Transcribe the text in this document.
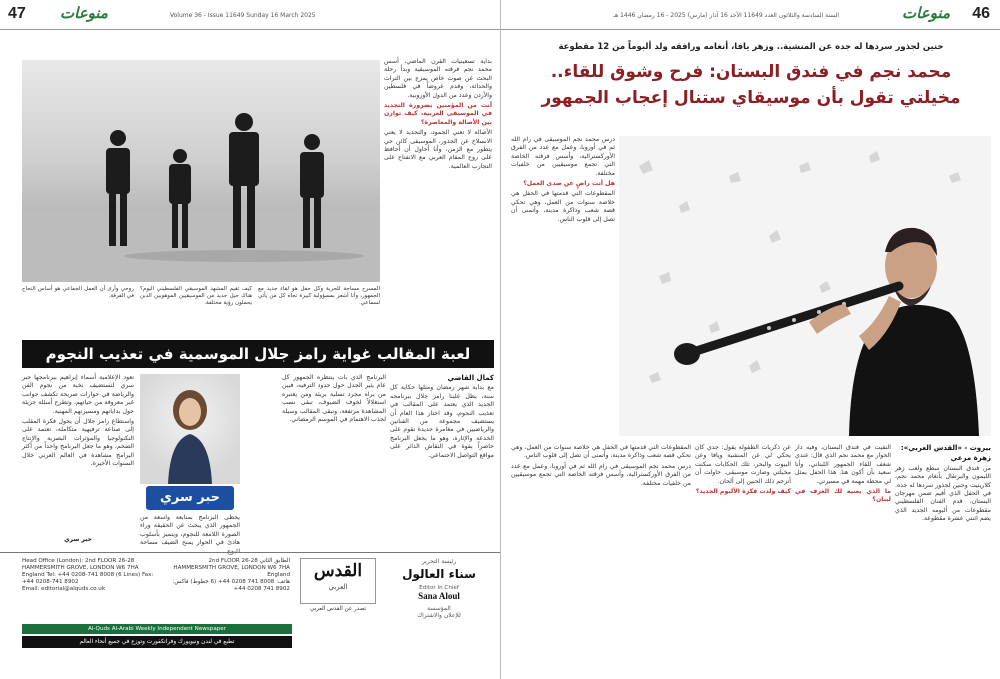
47 منوعات	Volume 36 - Issue 11649 Sunday 16 March 2025

بداية تسعينيات القرن الماضي، أسس محمد نجم فرقته الموسيقية وبدأ رحلة البحث عن صوت خاص يمزج بين التراث والحداثة، وقدم عروضاً في فلسطين والأردن وعدد من الدول الأوروبية.

أنت من المؤمنين بضرورة التجديد في الموسيقى العربية، كيف توازن بين الأصالة والمعاصرة؟

الأصالة لا تعني الجمود، والتجديد لا يعني الانسلاخ عن الجذور، الموسيقى كائن حي يتطور مع الزمن، وأنا أحاول أن أحافظ على روح المقام العربي مع الانفتاح على التجارب العالمية.

روحي وأرى أن العمل الجماعي هو أساس النجاح في الفرقة.

كيف تقيم المشهد الموسيقي الفلسطيني اليوم؟ هناك جيل جديد من الموسيقيين الموهوبين الذين يحملون رؤية مختلفة.

المسرح مساحة للحرية وكل حفل هو لقاء جديد مع الجمهور، وأنا أشعر بمسؤولية كبيرة تجاه كل من يأتي لسماعي.

لعبة المقالب غواية رامز جلال الموسمية في تعذيب النجوم

كمال القاضي

مع بداية شهر رمضان ومثلها حكاية كل سنة، يطل علينا رامز جلال ببرنامجه الجديد الذي يعتمد على المقالب في تعذيب النجوم، وقد اختار هذا العام أن يستضيف مجموعة من الفنانين والرياضيين في مغامرة جديدة تقوم على الخدعة والإثارة، وهو ما يجعل البرنامج حاضراً بقوة في النقاش الدائر على مواقع التواصل الاجتماعي.

البرنامج الذي بات ينتظره الجمهور كل عام يثير الجدل حول حدود الترفيه، فبين من يراه مجرد تسلية بريئة ومن يعتبره استغلالاً لخوف الضيوف، تبقى نسب المشاهدة مرتفعة، وتبقى المقالب وسيلة لجذب الاهتمام في الموسم الرمضاني.

حبر سري

تعود الإعلامية أسماء إبراهيم ببرنامجها حبر سري لتستضيف نخبة من نجوم الفن والرياضة في حوارات صريحة تكشف جوانب غير معروفة من حياتهم، وتطرح أسئلة جريئة حول بداياتهم ومسيرتهم المهنية.

واستطاع رامز جلال أن يحول فكرة المقلب إلى صناعة ترفيهية متكاملة، تعتمد على التكنولوجيا والمؤثرات البصرية والإنتاج الضخم، وهو ما جعل البرنامج واحداً من أكثر البرامج مشاهدة في العالم العربي خلال السنوات الأخيرة.

يحظى البرنامج بمتابعة واسعة من الجمهور الذي يبحث عن الحقيقة وراء الصورة اللامعة للنجوم، ويتميز بأسلوب هادئ في الحوار يمنح الضيف مساحة

حبر سري

Head Office (London): 2nd FLOOR 26-28 HAMMERSMITH GROVE, LONDON W6 7HA England Tel: +44 0208-741 8008 (6 Lines) Fax: +44 0208-741 8902

Email: editorial@alquds.co.uk

الطابق الثاني 2nd FLOOR 26-28 HAMMERSMITH GROVE, LONDON W6 7HA England

هاتف: 8008 741 0208 44+ (6 خطوط) فاكس: 8902 741 0208 44+

Al-Quds Al-Arabi Weekly Independent Newspaper
تطبع في لندن ونيويورك وفرانكفورت وتوزع في جميع أنحاء العالم
القدس
العربي
تصدر عن القدس العربي
رئيسة التحرير
سناء العالول
Editor In Chief
Sana Aloul
المؤسسة
للإعلان والاشتراك
46
منوعات
السنة السادسة والثلاثون العدد 11649 الأحد 16 آذار (مارس) 2025 - 16 رمضان 1446 هـ
حنين لجذور سردها له جده عن المنشية.. وزهر يافا، أنغامه ورافقه ولد ألبوماً من 12 مقطوعة
محمد نجم في فندق البستان: فرح وشوق للقاء..
مخيلتي تقول بأن موسيقاي ستنال إعجاب الجمهور

درس محمد نجم الموسيقى في رام الله ثم في أوروبا، وعمل مع عدد من الفرق الأوركسترالية، وأسس فرقته الخاصة التي تجمع موسيقيين من خلفيات مختلفة.

هل أنت راضٍ عن صدى العمل؟

المقطوعات التي قدمتها في الحفل هي خلاصة سنوات من العمل، وهي تحكي قصة شعب وذاكرة مدينة، وأتمنى أن تصل إلى قلوب الناس.

بيروت - «القدس العربي»:

زهرة مرعي

من فندق البستان سطع ولعب زهر الليمون والبرتقال بأنغام محمد نجم، كلارينيت وحنين لجذور سردها له جده. في الحفل الذي أقيم ضمن مهرجان البستان، قدم الفنان الفلسطيني مقطوعات من ألبومه الجديد الذي يضم اثنتي عشرة مقطوعة.

التقيت في فندق البستان، وفيه دار الحوار مع محمد نجم الذي قال: عندي شغف للقاء الجمهور اللبناني، وأنا سعيد بأن أكون هنا. هذا الحفل يمثل لي محطة مهمة في مسيرتي.

ما الذي يعنيه لك العزف في لبنان؟

عن ذكريات الطفولة يقول: جدي كان يحكي لي عن المنشية ويافا وعن البيوت والبحر، تلك الحكايات سكنت مخيلتي وصارت موسيقى. حاولت أن أترجم ذلك الحنين إلى ألحان.

كيف ولدت فكرة الألبوم الجديد؟

المقطوعات التي قدمتها في الحفل هي خلاصة سنوات من العمل، وهي تحكي قصة شعب وذاكرة مدينة، وأتمنى أن تصل إلى قلوب الناس.

درس محمد نجم الموسيقى في رام الله ثم في أوروبا، وعمل مع عدد من الفرق الأوركسترالية، وأسس فرقته الخاصة التي تجمع موسيقيين من خلفيات مختلفة.
